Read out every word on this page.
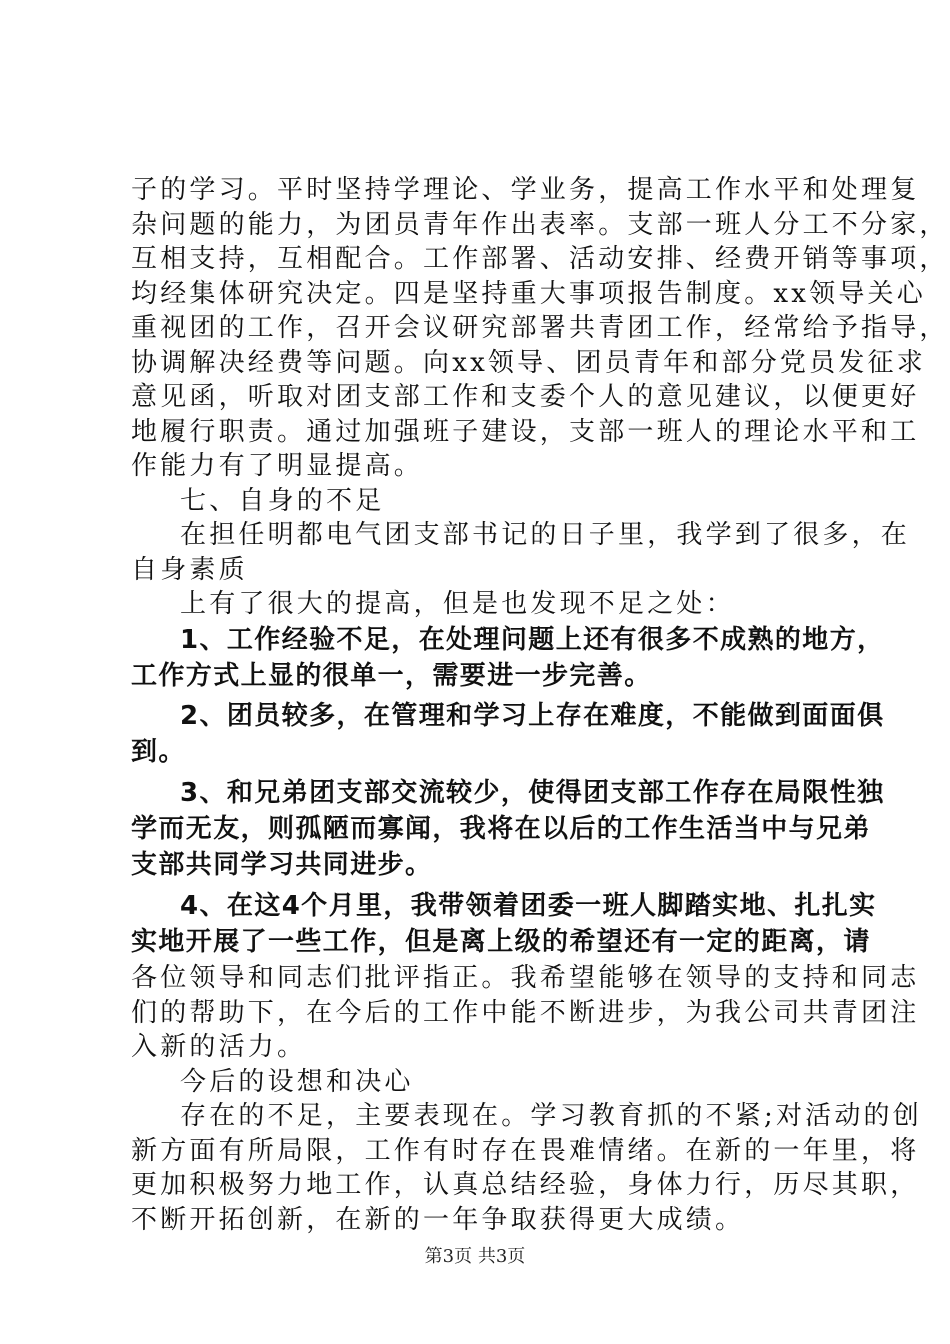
子的学习。平时坚持学理论、学业务，提高工作水平和处理复
杂问题的能力，为团员青年作出表率。支部一班人分工不分家，
互相支持，互相配合。工作部署、活动安排、经费开销等事项，
均经集体研究决定。四是坚持重大事项报告制度。xx领导关心
重视团的工作，召开会议研究部署共青团工作，经常给予指导，
协调解决经费等问题。向xx领导、团员青年和部分党员发征求
意见函，听取对团支部工作和支委个人的意见建议，以便更好
地履行职责。通过加强班子建设，支部一班人的理论水平和工
作能力有了明显提高。
七、自身的不足
在担任明都电气团支部书记的日子里，我学到了很多，在
自身素质
上有了很大的提高，但是也发现不足之处：
1、工作经验不足，在处理问题上还有很多不成熟的地方，
工作方式上显的很单一，需要进一步完善。
2、团员较多，在管理和学习上存在难度，不能做到面面俱
到。
3、和兄弟团支部交流较少，使得团支部工作存在局限性独
学而无友，则孤陋而寡闻，我将在以后的工作生活当中与兄弟
支部共同学习共同进步。
4、在这4个月里，我带领着团委一班人脚踏实地、扎扎实
实地开展了一些工作，但是离上级的希望还有一定的距离，请
各位领导和同志们批评指正。我希望能够在领导的支持和同志
们的帮助下，在今后的工作中能不断进步，为我公司共青团注
入新的活力。
今后的设想和决心
存在的不足，主要表现在。学习教育抓的不紧;对活动的创
新方面有所局限，工作有时存在畏难情绪。在新的一年里，将
更加积极努力地工作，认真总结经验，身体力行，历尽其职，
不断开拓创新，在新的一年争取获得更大成绩。
第3页 共3页
